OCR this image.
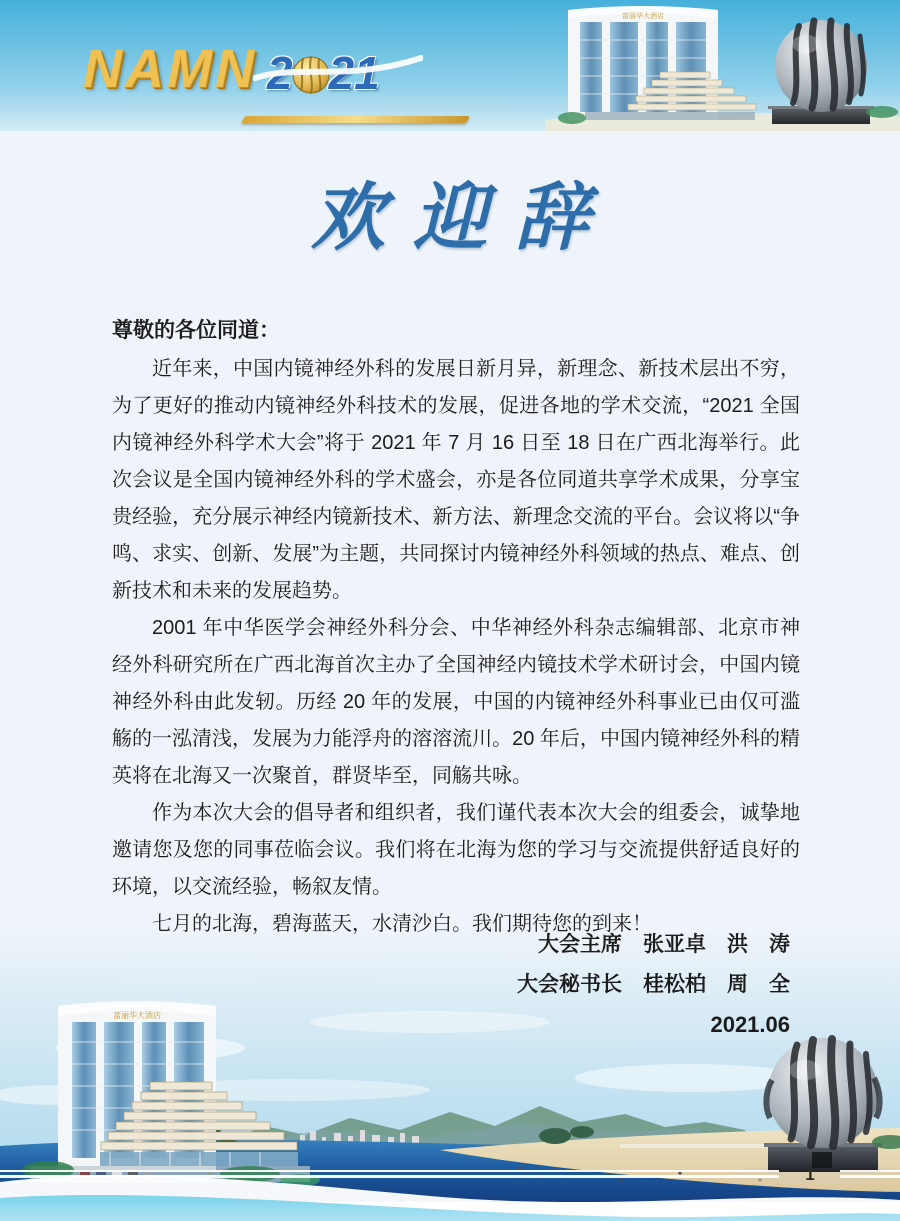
富丽华大酒店
NAMN 2 21
欢迎辞

尊敬的各位同道：

近年来，中国内镜神经外科的发展日新月异，新理念、新技术层出不穷，为了更好的推动内镜神经外科技术的发展，促进各地的学术交流，“2021 全国内镜神经外科学术大会”将于 2021 年 7 月 16 日至 18 日在广西北海举行。此次会议是全国内镜神经外科的学术盛会，亦是各位同道共享学术成果，分享宝贵经验，充分展示神经内镜新技术、新方法、新理念交流的平台。会议将以“争鸣、求实、创新、发展”为主题，共同探讨内镜神经外科领域的热点、难点、创新技术和未来的发展趋势。

2001 年中华医学会神经外科分会、中华神经外科杂志编辑部、北京市神经外科研究所在广西北海首次主办了全国神经内镜技术学术研讨会，中国内镜神经外科由此发轫。历经 20 年的发展，中国的内镜神经外科事业已由仅可滥觞的一泓清浅，发展为力能浮舟的溶溶流川。20 年后，中国内镜神经外科的精英将在北海又一次聚首，群贤毕至，同觞共咏。

作为本次大会的倡导者和组织者，我们谨代表本次大会的组委会，诚挚地邀请您及您的同事莅临会议。我们将在北海为您的学习与交流提供舒适良好的环境，以交流经验，畅叙友情。

七月的北海，碧海蓝天，水清沙白。我们期待您的到来！

大会主席　张亚卓　洪　涛
大会秘书长　桂松柏　周　全
2021.06
富丽华大酒店
1
